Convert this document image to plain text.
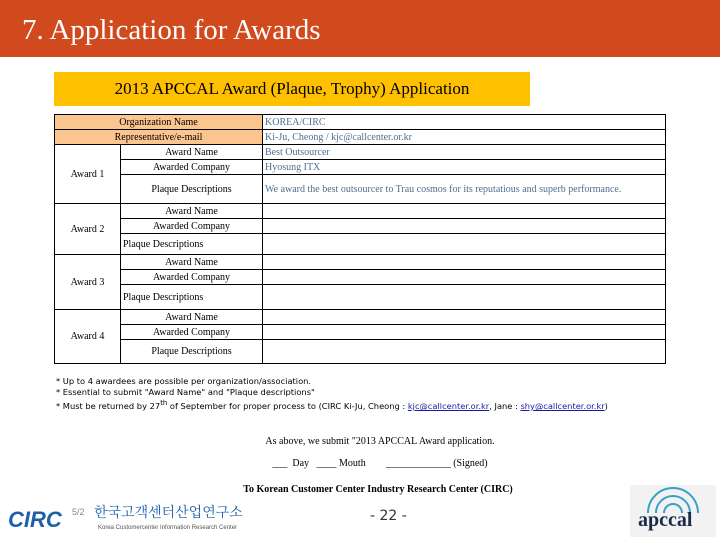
7. Application for Awards
2013 APCCAL Award (Plaque, Trophy) Application
Organization Name		KOREA/CIRC
Representative/e-mail		Ki-Ju, Cheong / kjc@callcenter.or.kr
Award 1	Award Name	Best Outsourcer
	Awarded Company	Hyosung ITX
	Plaque Descriptions	We award the best outsourcer to Trau cosmos for its reputatious and superb performance.
Award 2	Award Name	
	Awarded Company	
	Plaque Descriptions	
Award 3	Award Name	
	Awarded Company	
	Plaque Descriptions	
Award 4	Award Name	
	Awarded Company	
	Plaque Descriptions	
* Up to 4 awardees are possible per organization/association.
* Essential to submit "Award Name" and "Plaque descriptions"
* Must be returned by 27th of September for proper process to (CIRC Ki-Ju, Cheong : kjc@callcenter.or.kr, Jane : shy@callcenter.or.kr)
As above, we submit "2013 APCCAL Award application.
___  Day   ____ Mouth        _____________ (Signed)
To Korean Customer Center Industry Research Center (CIRC)
CIRC 5/2 한국고객센터산업연구소
Korea Customercenter Information Research Center
- 22 -	apccal
